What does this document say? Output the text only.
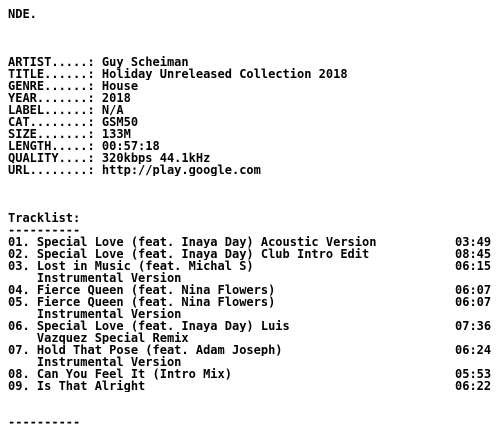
NDE.
ARTIST.....: Guy Scheiman
TITLE......: Holiday Unreleased Collection 2018
GENRE......: House
YEAR.......: 2018
LABEL......: N/A
CAT........: GSM50
SIZE.......: 133M
LENGTH.....: 00:57:18
QUALITY....: 320kbps 44.1kHz
URL........: http://play.google.com
Tracklist:
----------
01. Special Love (feat. Inaya Day) Acoustic Version	03:49
02. Special Love (feat. Inaya Day) Club Intro Edit	08:45
03. Lost in Music (feat. Michal S)	06:15
Instrumental Version
04. Fierce Queen (feat. Nina Flowers)	06:07
05. Fierce Queen (feat. Nina Flowers)	06:07
Instrumental Version
06. Special Love (feat. Inaya Day) Luis	07:36
Vazquez Special Remix
07. Hold That Pose (feat. Adam Joseph)	06:24
Instrumental Version
08. Can You Feel It (Intro Mix)	05:53
09. Is That Alright	06:22
----------
